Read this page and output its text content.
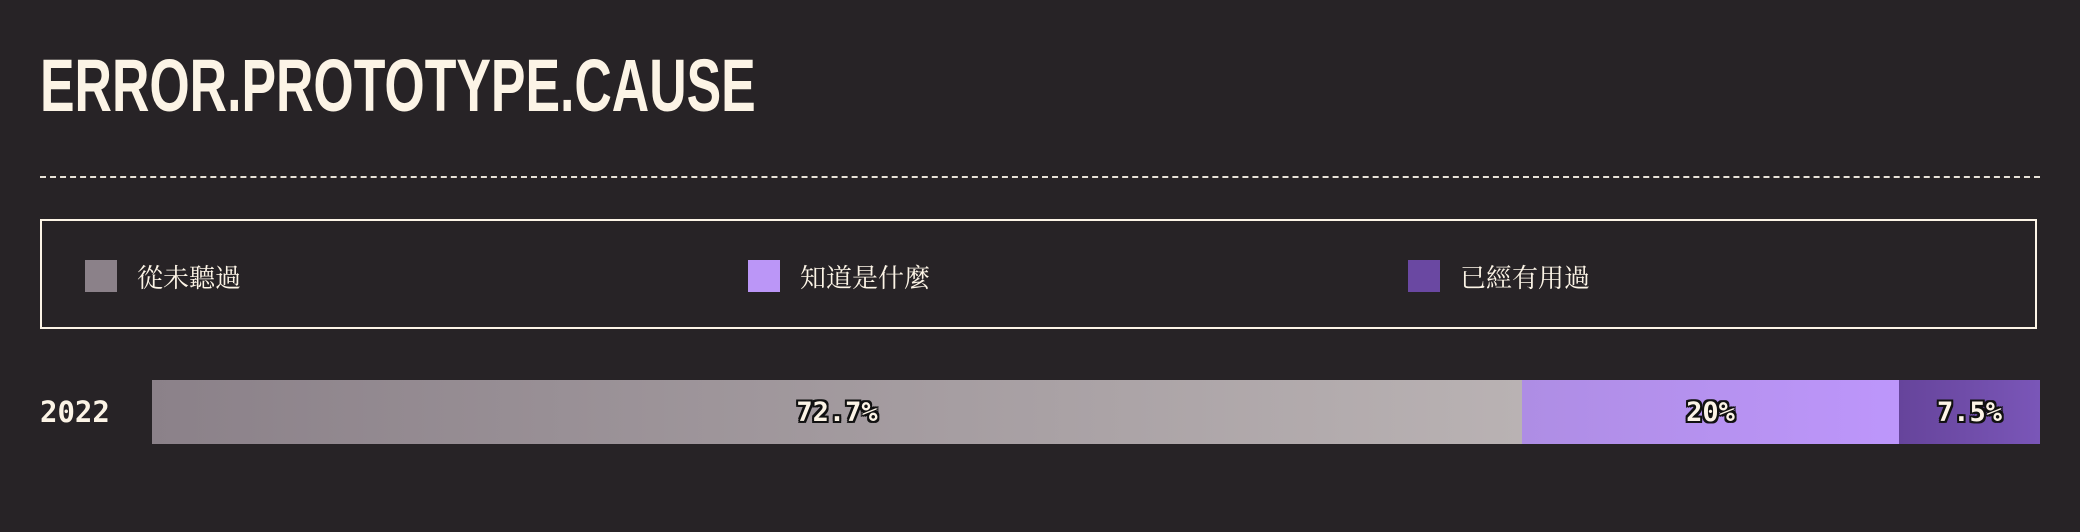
ERROR.PROTOTYPE.CAUSE
從未聽過	知道是什麼	已經有用過
2022	72.7%	20%	7.5%
